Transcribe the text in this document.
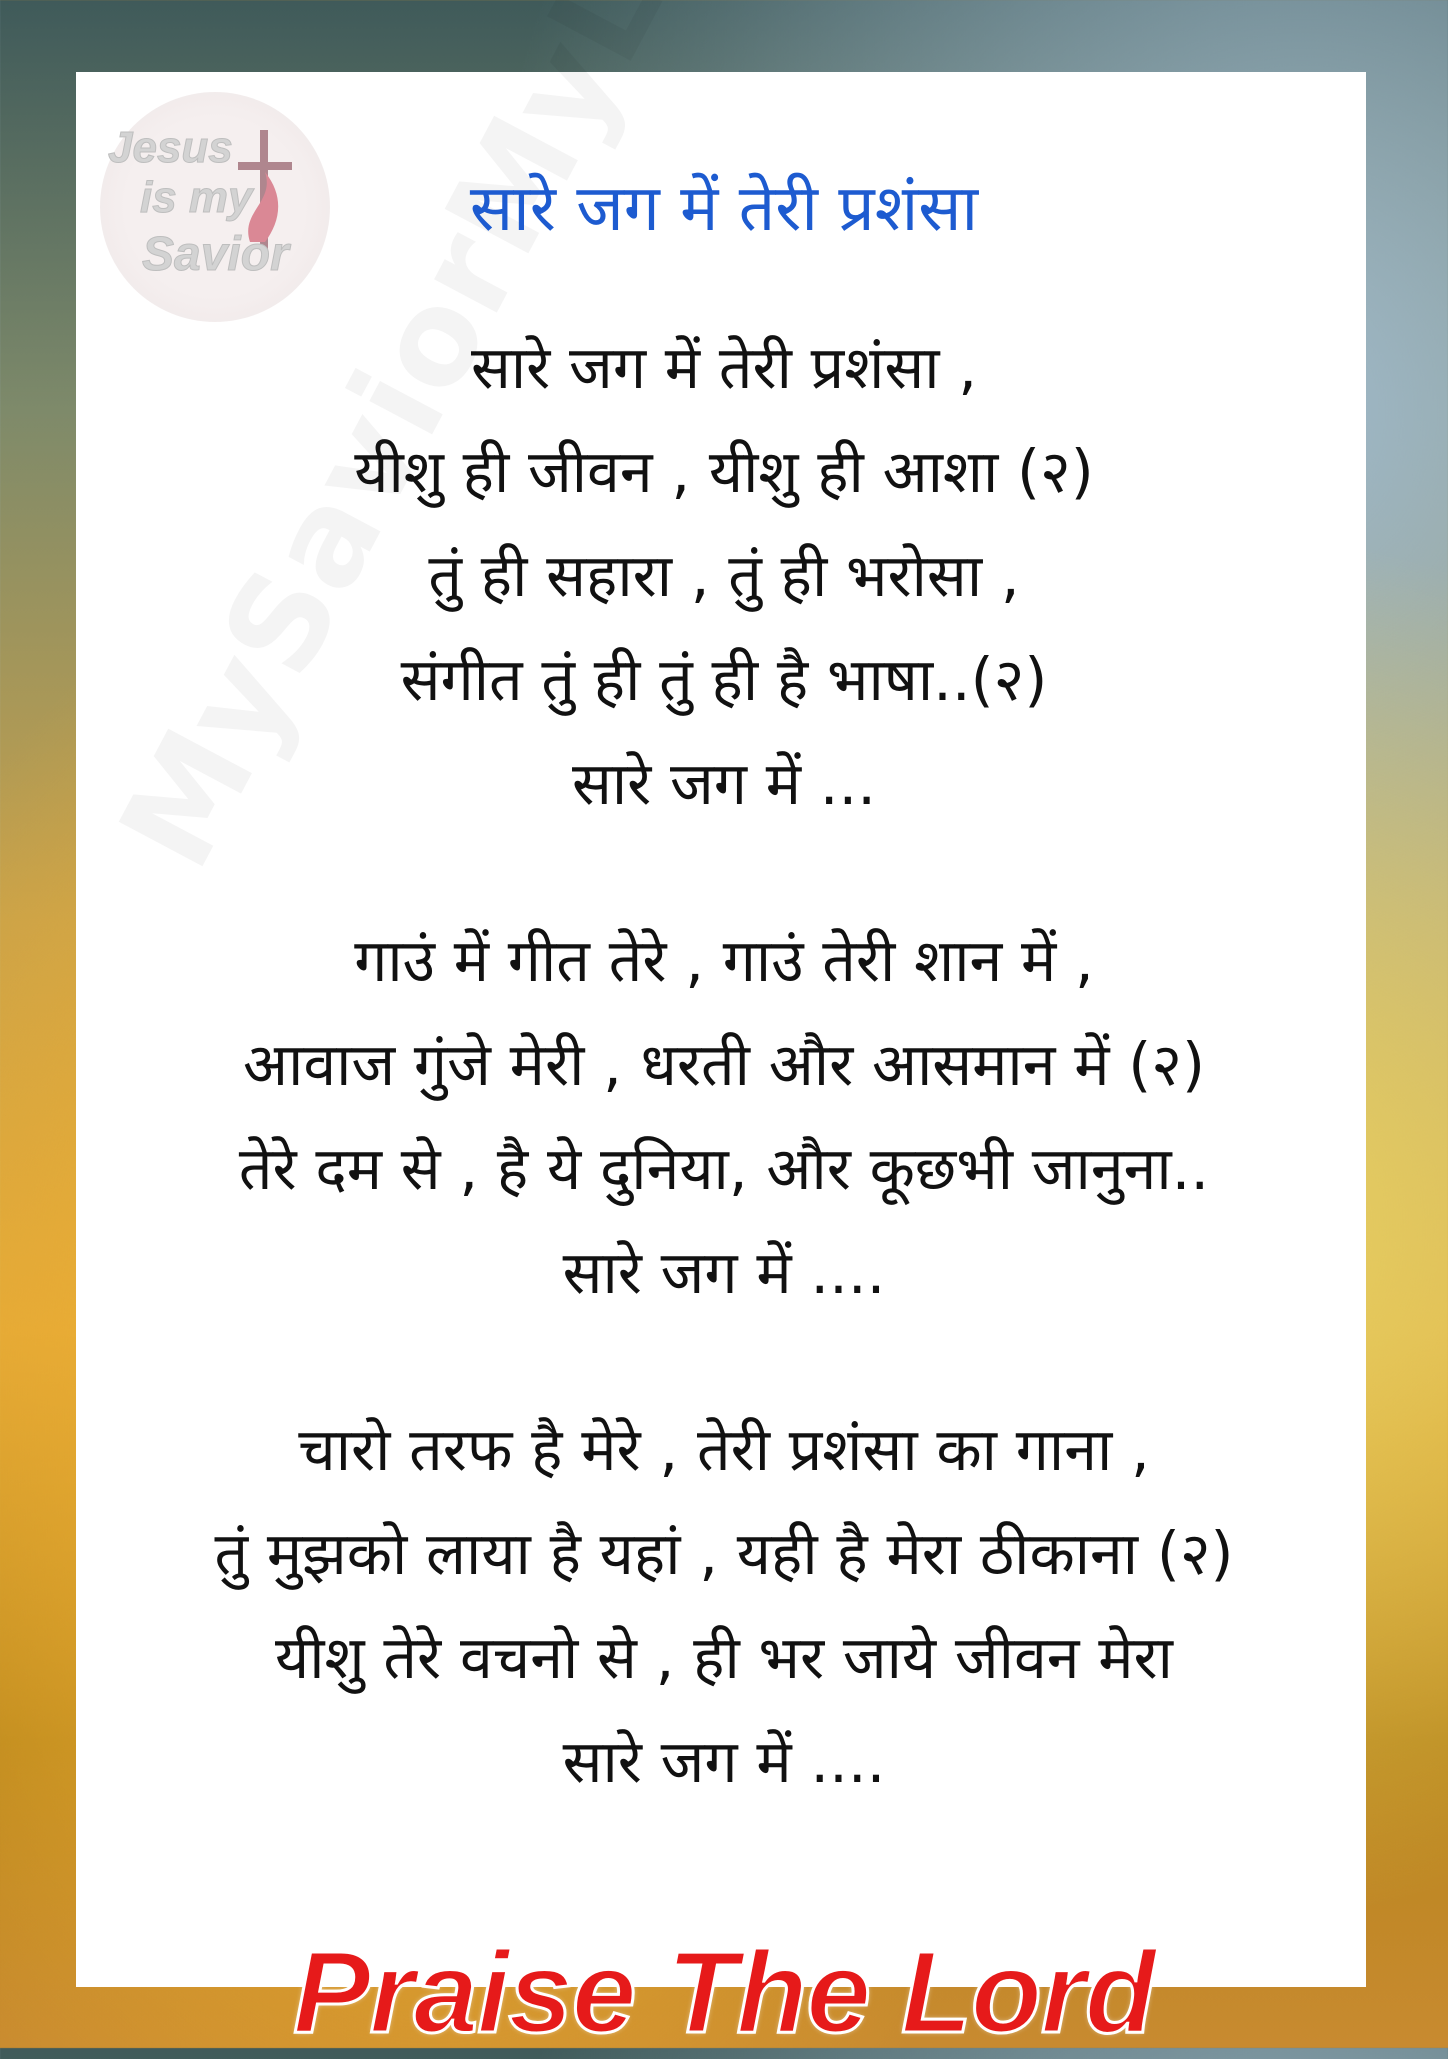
Jesus
is my
Savior
सारे जग में तेरी प्रशंसा
सारे जग में तेरी प्रशंसा ,
यीशु ही जीवन , यीशु ही आशा (२)
तुं ही सहारा , तुं ही भरोसा ,
संगीत तुं ही तुं ही है भाषा..(२)
सारे जग में ...
गाउं में गीत तेरे , गाउं तेरी शान में ,
आवाज गुंजे मेरी , धरती और आसमान में (२)
तेरे दम से , है ये दुनिया, और कूछभी जानुना..
सारे जग में ....
चारो तरफ है मेरे , तेरी प्रशंसा का गाना ,
तुं मुझको लाया है यहां , यही है मेरा ठीकाना (२)
यीशु तेरे वचनो से , ही भर जाये जीवन मेरा
सारे जग में ....
Praise The Lord
